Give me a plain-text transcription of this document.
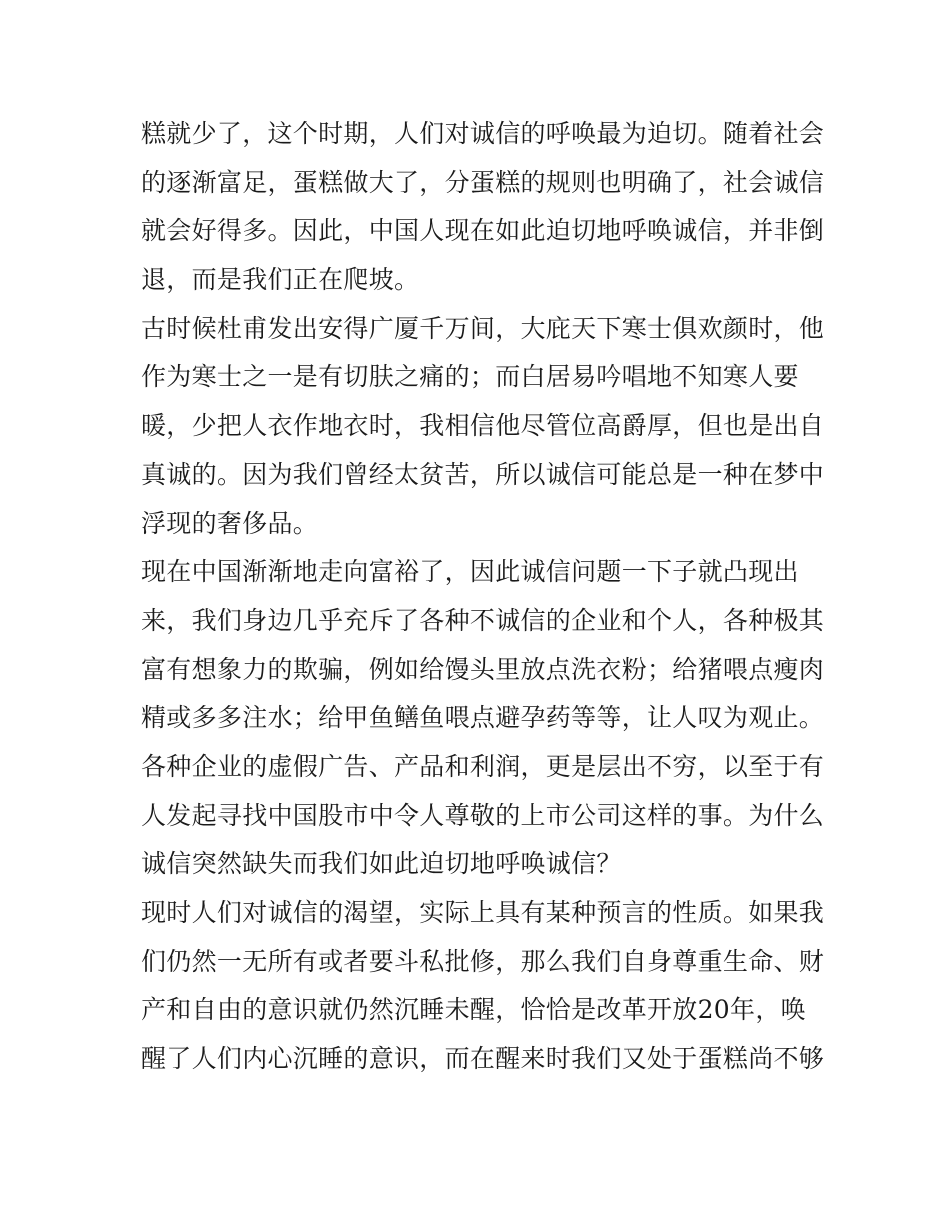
糕就少了，这个时期，人们对诚信的呼唤最为迫切。随着社会
的逐渐富足，蛋糕做大了，分蛋糕的规则也明确了，社会诚信
就会好得多。因此，中国人现在如此迫切地呼唤诚信，并非倒
退，而是我们正在爬坡。
古时候杜甫发出安得广厦千万间，大庇天下寒士俱欢颜时，他
作为寒士之一是有切肤之痛的；而白居易吟唱地不知寒人要
暖，少把人衣作地衣时，我相信他尽管位高爵厚，但也是出自
真诚的。因为我们曾经太贫苦，所以诚信可能总是一种在梦中
浮现的奢侈品。
现在中国渐渐地走向富裕了，因此诚信问题一下子就凸现出
来，我们身边几乎充斥了各种不诚信的企业和个人，各种极其
富有想象力的欺骗，例如给馒头里放点洗衣粉；给猪喂点瘦肉
精或多多注水；给甲鱼鳝鱼喂点避孕药等等，让人叹为观止。
各种企业的虚假广告、产品和利润，更是层出不穷，以至于有
人发起寻找中国股市中令人尊敬的上市公司这样的事。为什么
诚信突然缺失而我们如此迫切地呼唤诚信？
现时人们对诚信的渴望，实际上具有某种预言的性质。如果我
们仍然一无所有或者要斗私批修，那么我们自身尊重生命、财
产和自由的意识就仍然沉睡未醒，恰恰是改革开放20年，唤
醒了人们内心沉睡的意识，而在醒来时我们又处于蛋糕尚不够
